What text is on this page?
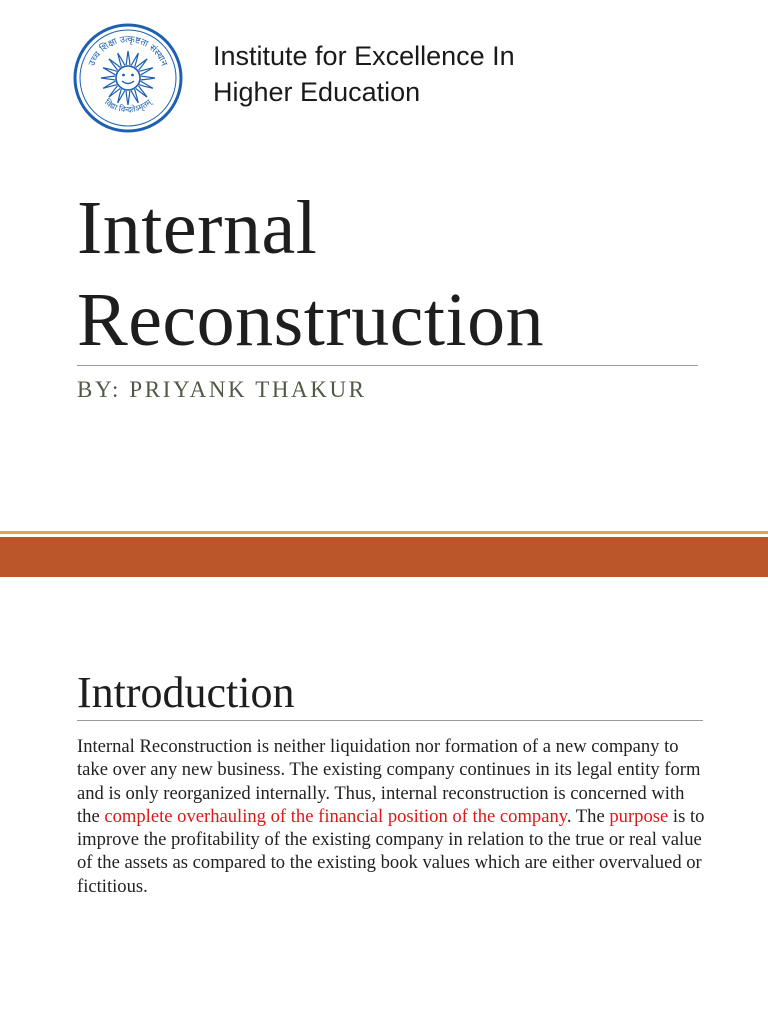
उच्च शिक्षा उत्कृष्टता संस्थान
विद्या विन्दतेऽमृतम्
Institute for Excellence In
Higher Education
Internal
Reconstruction
BY: PRIYANK THAKUR
Introduction

Internal Reconstruction is neither liquidation nor formation of a new company to take over any new business. The existing company continues in its legal entity form and is only reorganized internally. Thus, internal reconstruction is concerned with the complete overhauling of the financial position of the company. The purpose is to improve the profitability of the existing company in relation to the true or real value of the assets as compared to the existing book values which are either overvalued or fictitious.
